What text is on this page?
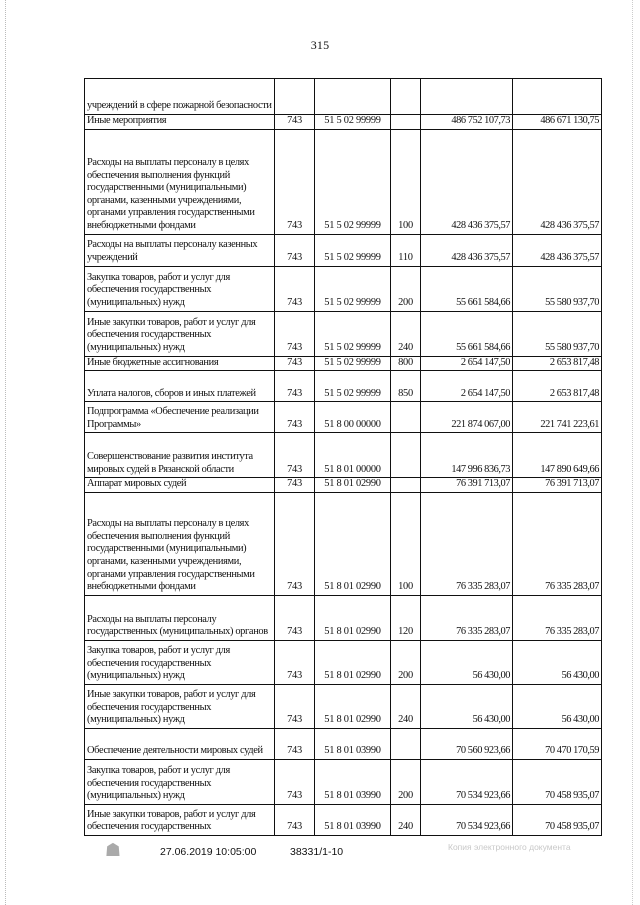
315
учреждений в сфере пожарной безопасности					
Иные мероприятия	743	51 5 02 99999		486 752 107,73	486 671 130,75
Расходы на выплаты персоналу в целях обеспечения выполнения функций государственными (муниципальными) органами, казенными учреждениями, органами управления государственными внебюджетными фондами	743	51 5 02 99999	100	428 436 375,57	428 436 375,57
Расходы на выплаты персоналу казенных учреждений	743	51 5 02 99999	110	428 436 375,57	428 436 375,57
Закупка товаров, работ и услуг для обеспечения государственных (муниципальных) нужд	743	51 5 02 99999	200	55 661 584,66	55 580 937,70
Иные закупки товаров, работ и услуг для обеспечения государственных (муниципальных) нужд	743	51 5 02 99999	240	55 661 584,66	55 580 937,70
Иные бюджетные ассигнования	743	51 5 02 99999	800	2 654 147,50	2 653 817,48
Уплата налогов, сборов и иных платежей	743	51 5 02 99999	850	2 654 147,50	2 653 817,48
Подпрограмма «Обеспечение реализации Программы»	743	51 8 00 00000		221 874 067,00	221 741 223,61
Совершенствование развития института мировых судей в Рязанской области	743	51 8 01 00000		147 996 836,73	147 890 649,66
Аппарат мировых судей	743	51 8 01 02990		76 391 713,07	76 391 713,07
Расходы на выплаты персоналу в целях обеспечения выполнения функций государственными (муниципальными) органами, казенными учреждениями, органами управления государственными внебюджетными фондами	743	51 8 01 02990	100	76 335 283,07	76 335 283,07
Расходы на выплаты персоналу государственных (муниципальных) органов	743	51 8 01 02990	120	76 335 283,07	76 335 283,07
Закупка товаров, работ и услуг для обеспечения государственных (муниципальных) нужд	743	51 8 01 02990	200	56 430,00	56 430,00
Иные закупки товаров, работ и услуг для обеспечения государственных (муниципальных) нужд	743	51 8 01 02990	240	56 430,00	56 430,00
Обеспечение деятельности мировых судей	743	51 8 01 03990		70 560 923,66	70 470 170,59
Закупка товаров, работ и услуг для обеспечения государственных (муниципальных) нужд	743	51 8 01 03990	200	70 534 923,66	70 458 935,07
Иные закупки товаров, работ и услуг для обеспечения государственных	743	51 8 01 03990	240	70 534 923,66	70 458 935,07
☗	27.06.2019 10:05:00	38331/1-10	Копия электронного документа
